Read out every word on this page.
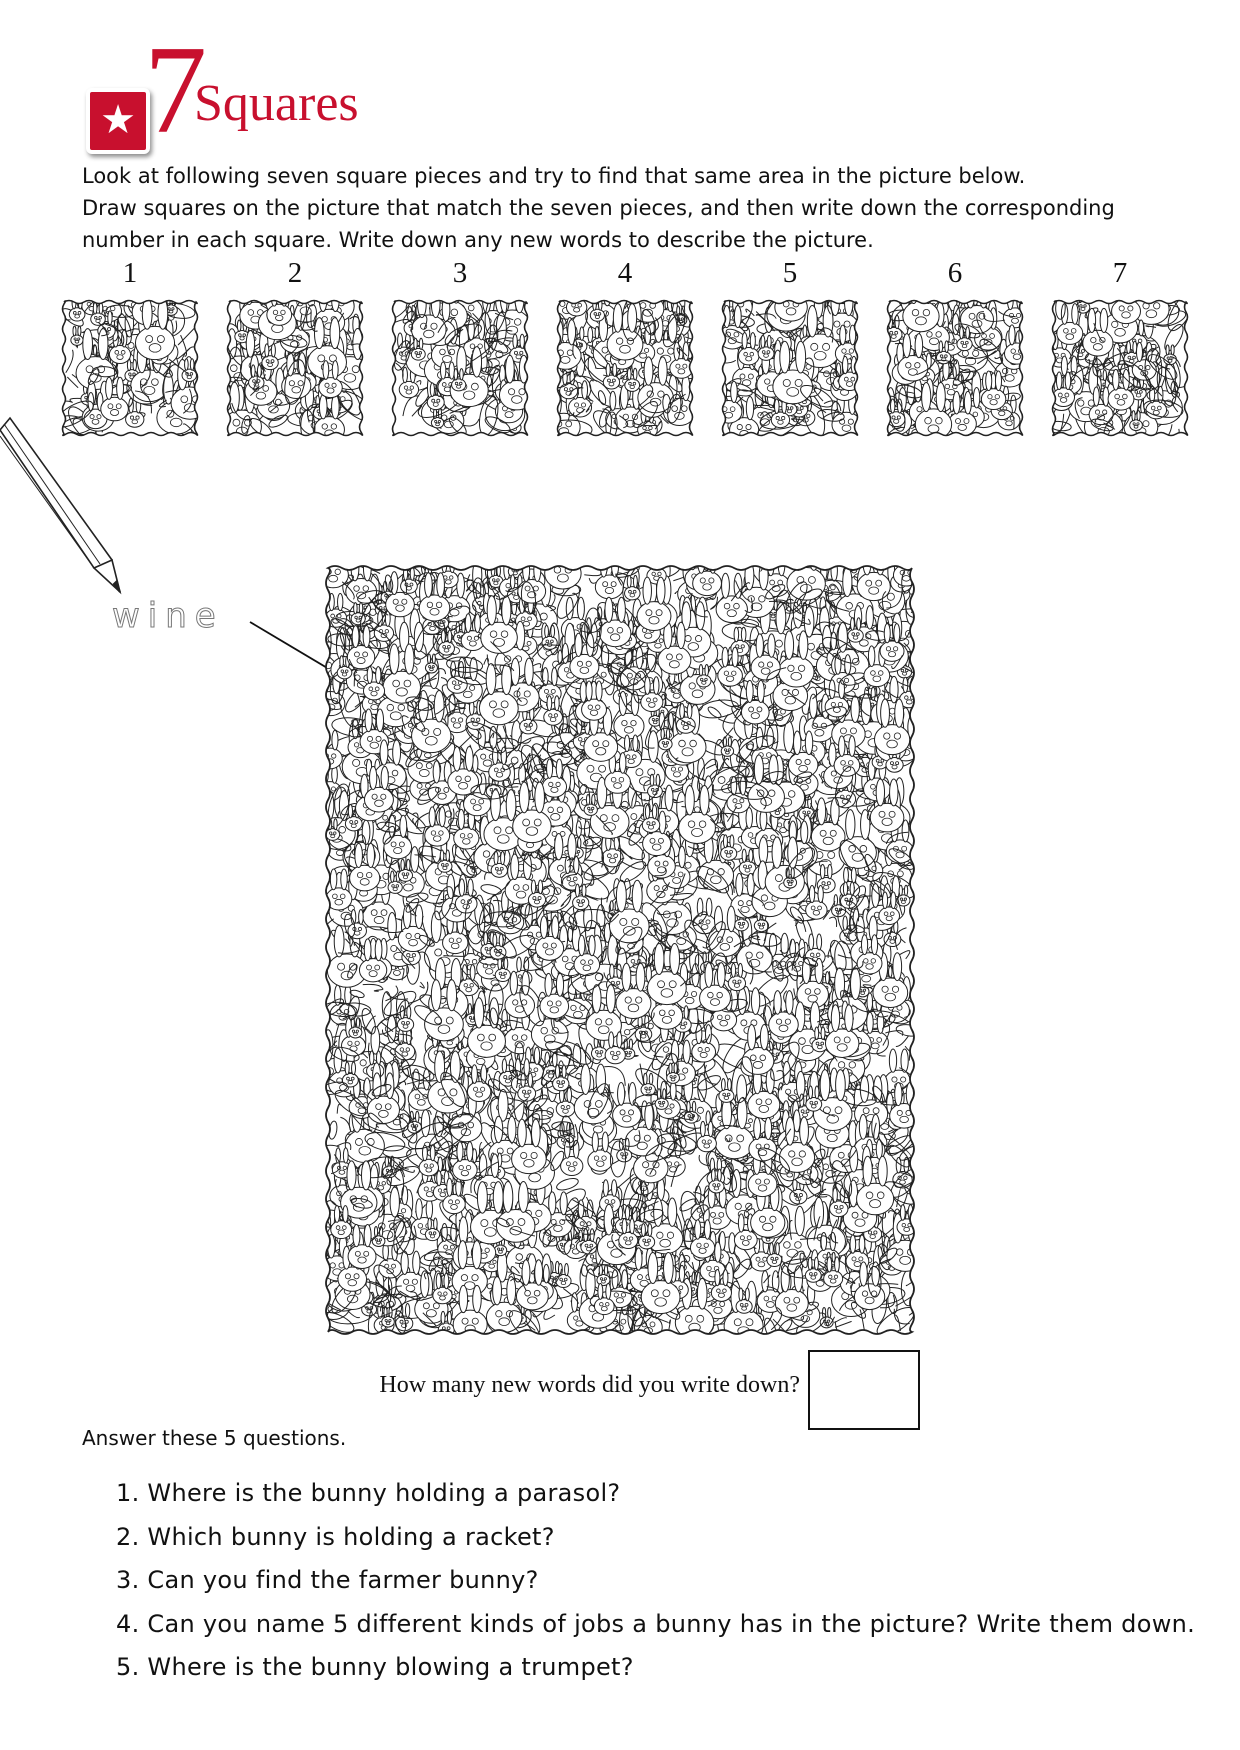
★ 7
Squares

Look at following seven square pieces and try to find that same area in the picture below.

Draw squares on the picture that match the seven pieces, and then write down the corresponding

number in each square. Write down any new words to describe the picture.

1	2	3	4	5	6	7
wine
How many new words did you write down?
Answer these 5 questions.
1. Where is the bunny holding a parasol?
2. Which bunny is holding a racket?
3. Can you find the farmer bunny?
4. Can you name 5 different kinds of jobs a bunny has in the picture? Write them down.
5. Where is the bunny blowing a trumpet?
